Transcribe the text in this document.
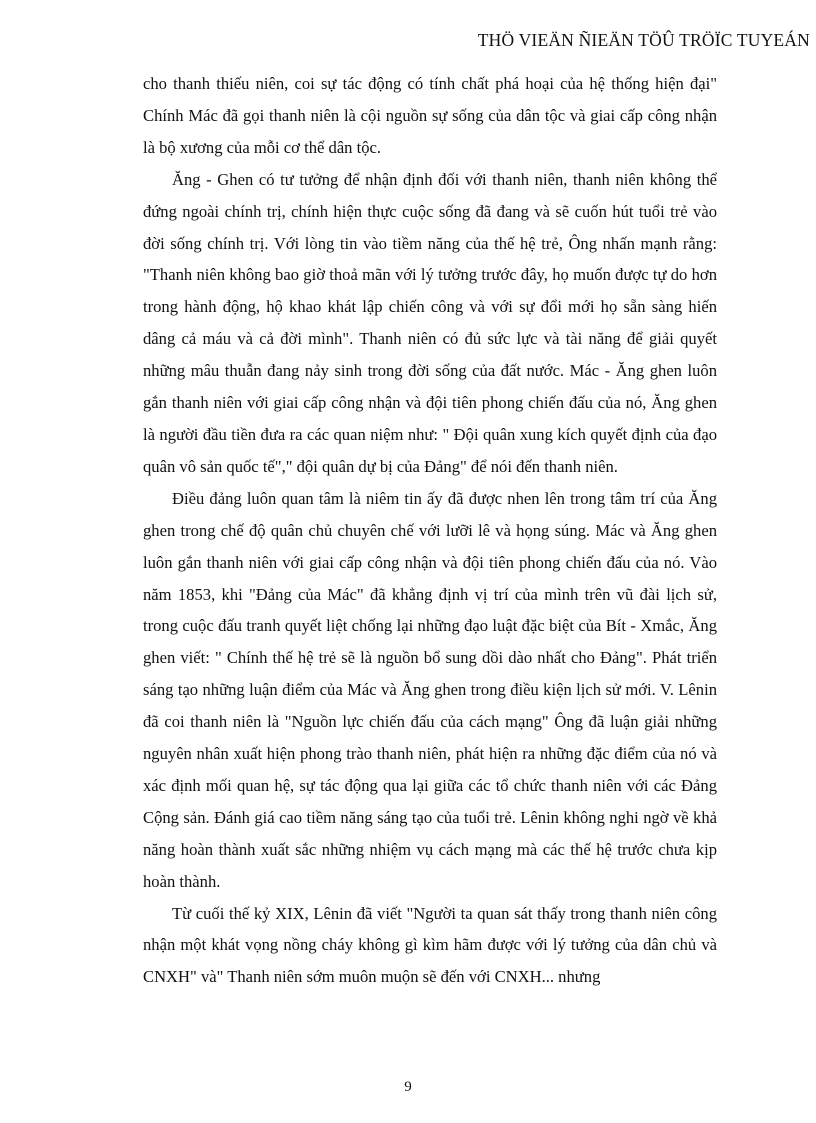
THÖ VIEÄN ÑIEÄN TÖÛ TRÖÏC TUYEÁN

cho thanh thiếu niên, coi sự tác động có tính chất phá hoại của hệ thống hiện đại" Chính Mác đã gọi thanh niên là cội nguồn sự sống của dân tộc và giai cấp công nhận là bộ xương của mỗi cơ thể dân tộc.

Ăng - Ghen có tư tưởng để nhận định đối với thanh niên, thanh niên không thể đứng ngoài chính trị, chính hiện thực cuộc sống đã đang và sẽ cuốn hút tuổi trẻ vào đời sống chính trị. Với lòng tin vào tiềm năng của thế hệ trẻ, Ông nhấn mạnh rằng: "Thanh niên không bao giờ thoả mãn với lý tưởng trước đây, họ muốn được tự do hơn trong hành động, hộ khao khát lập chiến công và với sự đổi mới họ sẵn sàng hiến dâng cả máu và cả đời mình". Thanh niên có đủ sức lực và tài năng để giải quyết những mâu thuẫn đang nảy sinh trong đời sống của đất nước. Mác - Ăng ghen luôn gắn thanh niên với giai cấp công nhận và đội tiên phong chiến đấu của nó, Ăng ghen là người đầu tiền đưa ra các quan niệm như: " Đội quân xung kích quyết định của đạo quân vô sản quốc tế"," đội quân dự bị của Đảng" để nói đến thanh niên.

Điều đảng luôn quan tâm là niêm tin ấy đã được nhen lên trong tâm trí của Ăng ghen trong chế độ quân chủ chuyên chế với lưỡi lê và họng súng. Mác và Ăng ghen luôn gắn thanh niên với giai cấp công nhận và đội tiên phong chiến đấu của nó. Vào năm 1853, khi "Đảng của Mác" đã khẳng định vị trí của mình trên vũ đài lịch sử, trong cuộc đấu tranh quyết liệt chống lại những đạo luật đặc biệt của Bít - Xmắc, Ăng ghen viết: " Chính thế hệ trẻ sẽ là nguồn bổ sung dồi dào nhất cho Đảng". Phát triển sáng tạo những luận điểm của Mác và Ăng ghen trong điều kiện lịch sử mới. V. Lênin đã coi thanh niên là "Nguồn lực chiến đấu của cách mạng" Ông đã luận giải những nguyên nhân xuất hiện phong trào thanh niên, phát hiện ra những đặc điểm của nó và xác định mối quan hệ, sự tác động qua lại giữa các tổ chức thanh niên với các Đảng Cộng sản. Đánh giá cao tiềm năng sáng tạo của tuổi trẻ. Lênin không nghi ngờ về khả năng hoàn thành xuất sắc những nhiệm vụ cách mạng mà các thế hệ trước chưa kịp hoàn thành.

Từ cuối thế kỷ XIX, Lênin đã viết "Người ta quan sát thấy trong thanh niên công nhận một khát vọng nồng cháy không gì kìm hãm được với lý tưởng của dân chủ và CNXH" và" Thanh niên sớm muôn muộn sẽ đến với CNXH... nhưng

9
